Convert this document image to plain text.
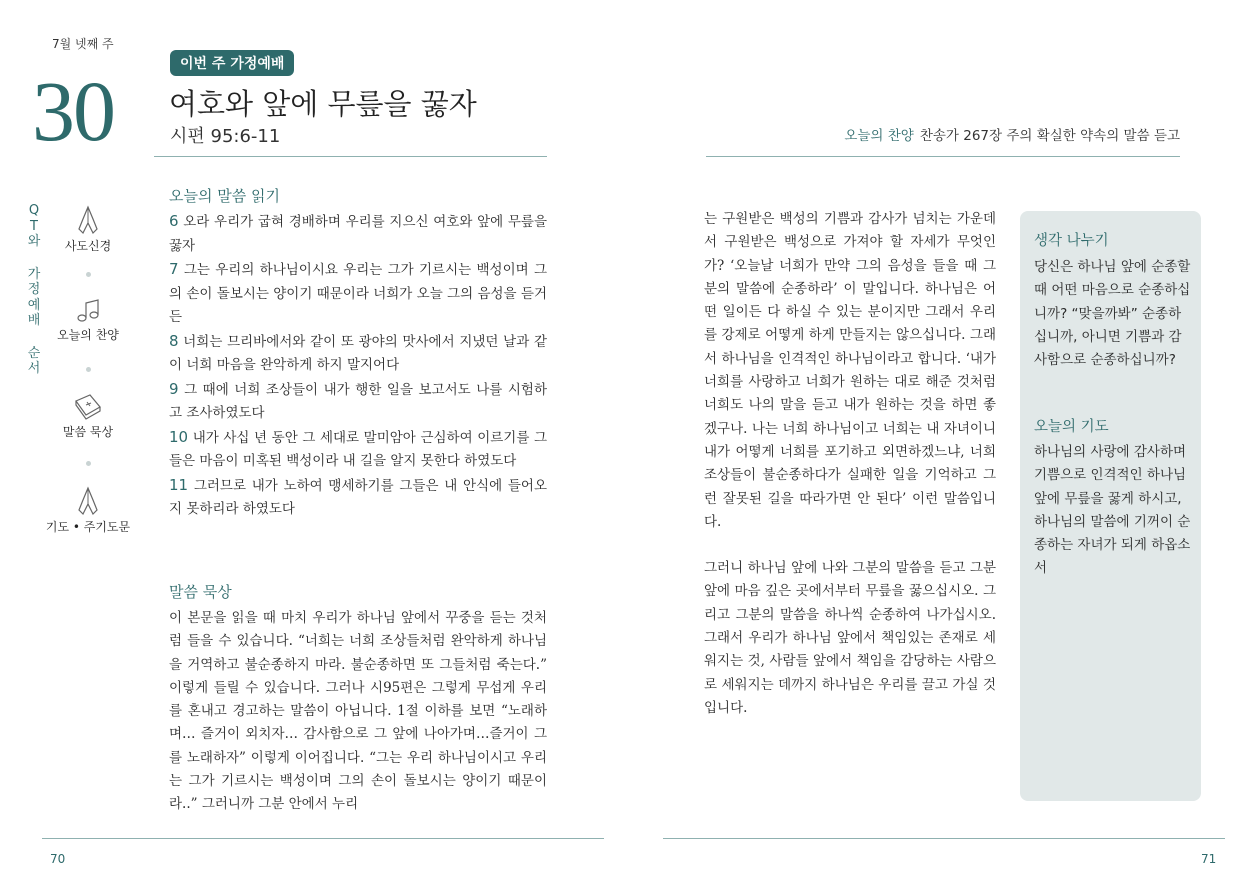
7월 넷째 주
30	이번 주 가정예배
여호와 앞에 무릎을 꿇자
시편 95:6-11
Q
T
와
가
정
예
배
순
서
사도신경
오늘의 찬양
말씀 묵상
기도 • 주기도문
오늘의 말씀 읽기

6 오라 우리가 굽혀 경배하며 우리를 지으신 여호와 앞에 무릎을 꿇자

7 그는 우리의 하나님이시요 우리는 그가 기르시는 백성이며 그의 손이 돌보시는 양이기 때문이라 너희가 오늘 그의 음성을 듣거든

8 너희는 므리바에서와 같이 또 광야의 맛사에서 지냈던 날과 같이 너희 마음을 완악하게 하지 말지어다

9 그 때에 너희 조상들이 내가 행한 일을 보고서도 나를 시험하고 조사하였도다

10 내가 사십 년 동안 그 세대로 말미암아 근심하여 이르기를 그들은 마음이 미혹된 백성이라 내 길을 알지 못한다 하였도다

11 그러므로 내가 노하여 맹세하기를 그들은 내 안식에 들어오지 못하리라 하였도다

말씀 묵상

이 본문을 읽을 때 마치 우리가 하나님 앞에서 꾸중을 듣는 것처럼 들을 수 있습니다. “너희는 너희 조상들처럼 완악하게 하나님을 거역하고 불순종하지 마라. 불순종하면 또 그들처럼 죽는다.” 이렇게 들릴 수 있습니다. 그러나 시95편은 그렇게 무섭게 우리를 혼내고 경고하는 말씀이 아닙니다. 1절 이하를 보면 “노래하며… 즐거이 외치자… 감사함으로 그 앞에 나아가며…즐거이 그를 노래하자” 이렇게 이어집니다. “그는 우리 하나님이시고 우리는 그가 기르시는 백성이며 그의 손이 돌보시는 양이기 때문이라..” 그러니까 그분 안에서 누리

70
오늘의 찬양 찬송가 267장 주의 확실한 약속의 말씀 듣고

는 구원받은 백성의 기쁨과 감사가 넘치는 가운데서 구원받은 백성으로 가져야 할 자세가 무엇인가? ‘오늘날 너희가 만약 그의 음성을 들을 때 그분의 말씀에 순종하라’ 이 말입니다. 하나님은 어떤 일이든 다 하실 수 있는 분이지만 그래서 우리를 강제로 어떻게 하게 만들지는 않으십니다. 그래서 하나님을 인격적인 하나님이라고 합니다. ‘내가 너희를 사랑하고 너희가 원하는 대로 해준 것처럼 너희도 나의 말을 듣고 내가 원하는 것을 하면 좋겠구나. 나는 너희 하나님이고 너희는 내 자녀이니 내가 어떻게 너희를 포기하고 외면하겠느냐, 너희 조상들이 불순종하다가 실패한 일을 기억하고 그런 잘못된 길을 따라가면 안 된다’ 이런 말씀입니다.

그러니 하나님 앞에 나와 그분의 말씀을 듣고 그분 앞에 마음 깊은 곳에서부터 무릎을 꿇으십시오. 그리고 그분의 말씀을 하나씩 순종하여 나가십시오. 그래서 우리가 하나님 앞에서 책임있는 존재로 세워지는 것, 사람들 앞에서 책임을 감당하는 사람으로 세워지는 데까지 하나님은 우리를 끌고 가실 것입니다.

생각 나누기
당신은 하나님 앞에 순종할 때 어떤 마음으로 순종하십니까? “맞을까봐” 순종하십니까, 아니면 기쁨과 감사함으로 순종하십니까?
오늘의 기도
하나님의 사랑에 감사하며 기쁨으로 인격적인 하나님 앞에 무릎을 꿇게 하시고, 하나님의 말씀에 기꺼이 순종하는 자녀가 되게 하옵소서
71
